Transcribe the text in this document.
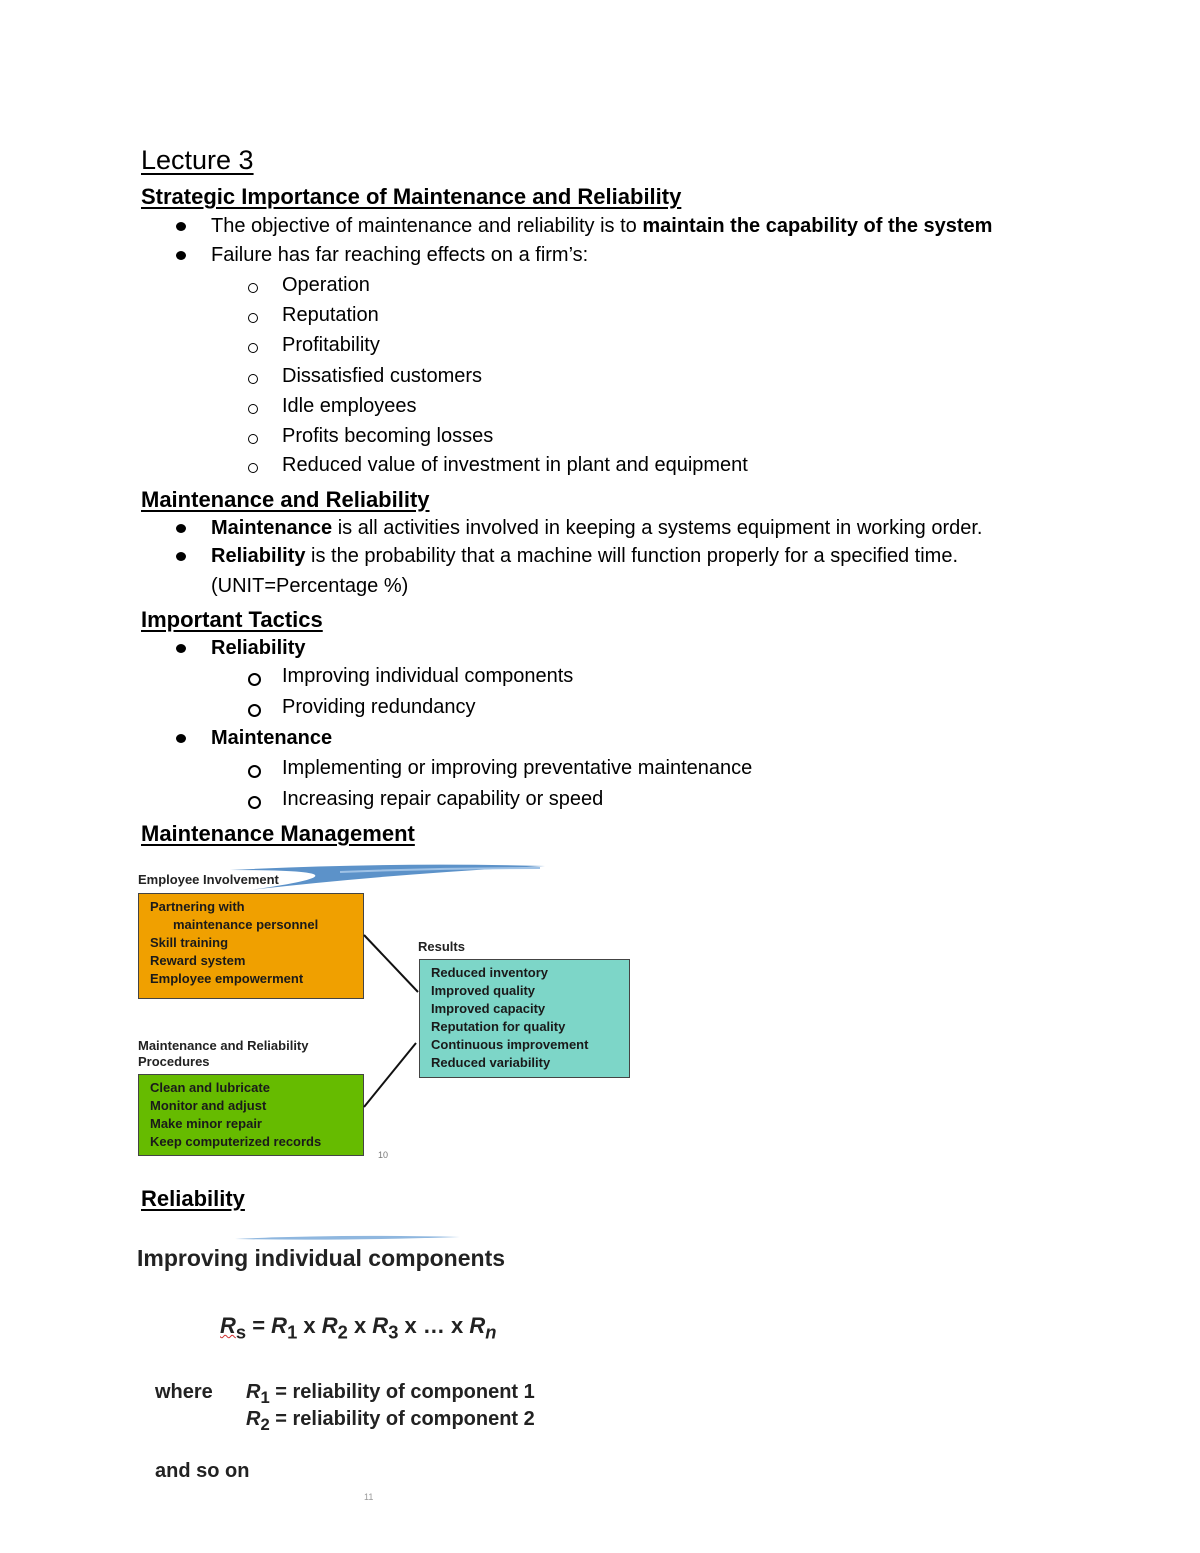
Lecture 3
Strategic Importance of Maintenance and Reliability
The objective of maintenance and reliability is to maintain the capability of the system
Failure has far reaching effects on a firm’s:
Operation
Reputation
Profitability
Dissatisfied customers
Idle employees
Profits becoming losses
Reduced value of investment in plant and equipment
Maintenance and Reliability
Maintenance is all activities involved in keeping a systems equipment in working order.
Reliability is the probability that a machine will function properly for a specified time.
(UNIT=Percentage %)
Important Tactics
Reliability
Improving individual components
Providing redundancy
Maintenance
Implementing or improving preventative maintenance
Increasing repair capability or speed
Maintenance Management
Employee Involvement
Partnering with
maintenance personnel
Skill training
Reward system
Employee empowerment
Results
Reduced inventory
Improved quality
Improved capacity
Reputation for quality
Continuous improvement
Reduced variability
Maintenance and Reliability
Procedures
Clean and lubricate
Monitor and adjust
Make minor repair
Keep computerized records
10
Reliability
Improving individual components
$R_s = R_1$ x $R_2$ x $R_3$ x … x $R_n$
where $R_1$ = reliability of component 1
$R_2$ = reliability of component 2
and so on
11
